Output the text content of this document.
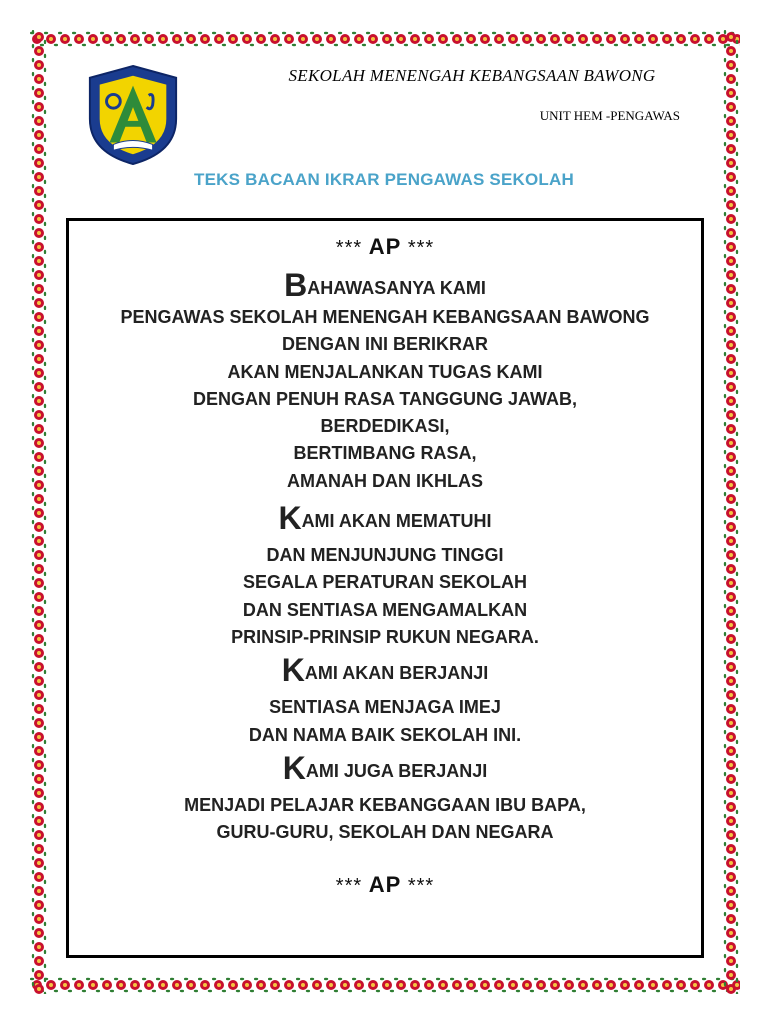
SEKOLAH MENENGAH KEBANGSAAN BAWONG
UNIT HEM -PENGAWAS
TEKS BACAAN IKRAR PENGAWAS SEKOLAH
*** AP ***
BAHAWASANYA KAMI
PENGAWAS SEKOLAH MENENGAH KEBANGSAAN BAWONG
DENGAN INI BERIKRAR
AKAN MENJALANKAN TUGAS KAMI
DENGAN PENUH RASA TANGGUNG JAWAB,
BERDEDIKASI,
BERTIMBANG RASA,
AMANAH DAN IKHLAS
KAMI AKAN MEMATUHI
DAN MENJUNJUNG TINGGI
SEGALA PERATURAN SEKOLAH
DAN SENTIASA MENGAMALKAN
PRINSIP-PRINSIP RUKUN NEGARA.
KAMI AKAN BERJANJI
SENTIASA MENJAGA IMEJ
DAN NAMA BAIK SEKOLAH INI.
KAMI JUGA BERJANJI
MENJADI PELAJAR KEBANGGAAN IBU BAPA,
GURU-GURU, SEKOLAH DAN NEGARA
*** AP ***
